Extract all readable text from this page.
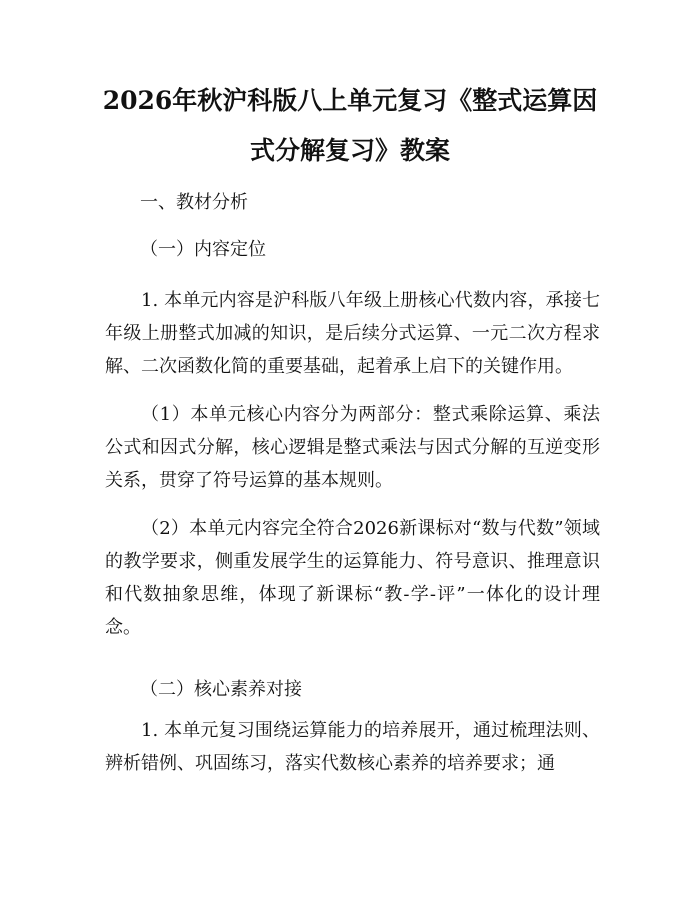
2026年秋沪科版八上单元复习《整式运算因
式分解复习》教案

一、教材分析

（一）内容定位

1. 本单元内容是沪科版八年级上册核心代数内容，承接七年级上册整式加减的知识，是后续分式运算、一元二次方程求解、二次函数化简的重要基础，起着承上启下的关键作用。

（1）本单元核心内容分为两部分：整式乘除运算、乘法公式和因式分解，核心逻辑是整式乘法与因式分解的互逆变形关系，贯穿了符号运算的基本规则。

（2）本单元内容完全符合2026新课标对“数与代数”领域的教学要求，侧重发展学生的运算能力、符号意识、推理意识和代数抽象思维，体现了新课标“教-学-评”一体化的设计理念。

（二）核心素养对接

1. 本单元复习围绕运算能力的培养展开，通过梳理法则、辨析错例、巩固练习，落实代数核心素养的培养要求；通
